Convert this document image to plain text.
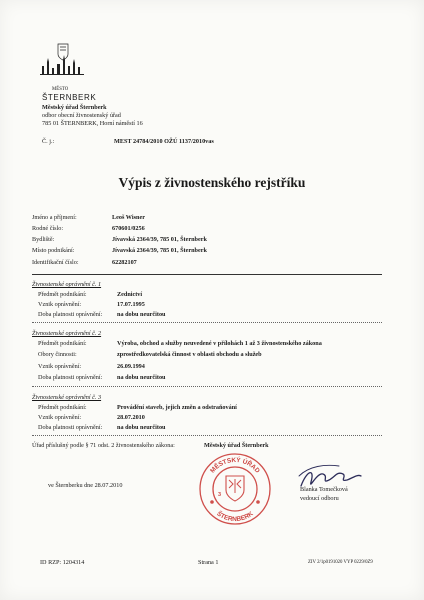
MĚSTO
ŠTERNBERK
Městský úřad Šternberk
odbor obecní živnostenský úřad
785 01 ŠTERNBERK, Horní náměstí 16
Č. j.:	MEST 24784/2010 OŽÚ 1137/2010vas
Výpis z živnostenského rejstříku
Jméno a příjmení:	Leoš Wisner
Rodné číslo:	670601/0256
Bydliště:	Jívavská 2364/39, 785 01, Šternberk
Místo podnikání:	Jívavská 2364/39, 785 01, Šternberk
Identifikační číslo:	62282107
Živnostenské oprávnění č. 1
Předmět podnikání:	Zednictví
Vznik oprávnění:	17.07.1995
Doba platnosti oprávnění: na dobu neurčitou
Živnostenské oprávnění č. 2
Předmět podnikání:	Výroba, obchod a služby neuvedené v přílohách 1 až 3 živnostenského zákona
Obory činnosti:	zprostředkovatelská činnost v oblasti obchodu a služeb
Vznik oprávnění:	26.09.1994
Doba platnosti oprávnění: na dobu neurčitou
Živnostenské oprávnění č. 3
Předmět podnikání:	Provádění staveb, jejich změn a odstraňování
Vznik oprávnění:	28.07.2010
Doba platnosti oprávnění: na dobu neurčitou
Úřad příslušný podle § 71 odst. 2 živnostenského zákona:	Městský úřad Šternberk
ve Šternberku dne 28.07.2010
MĚSTSKÝ ÚŘAD
ŠTERNBERK
3
Blanka Tomečková
vedoucí odboru
ID RZP: 1204314	Strana 1	ZIV 2/1p0191020 VYP 0229/0Z9
